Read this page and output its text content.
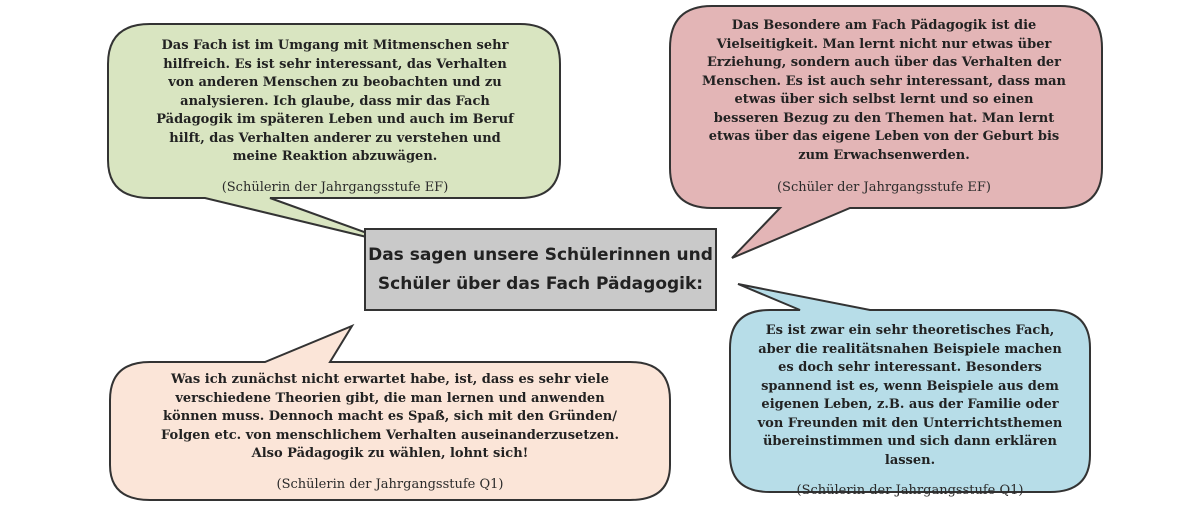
Das Fach ist im Umgang mit Mitmenschen sehr hilfreich. Es ist sehr interessant, das Verhalten von anderen Menschen zu beobachten und zu analysieren. Ich glaube, dass mir das Fach Pädagogik im späteren Leben und auch im Beruf hilft, das Verhalten anderer zu verstehen und meine Reaktion abzuwägen.

(Schülerin der Jahrgangsstufe EF)

Das Besondere am Fach Pädagogik ist die Vielseitigkeit. Man lernt nicht nur etwas über Erziehung, sondern auch über das Verhalten der Menschen. Es ist auch sehr interessant, dass man etwas über sich selbst lernt und so einen besseren Bezug zu den Themen hat. Man lernt etwas über das eigene Leben von der Geburt bis zum Erwachsenwerden.

(Schüler der Jahrgangsstufe EF)

Was ich zunächst nicht erwartet habe, ist, dass es sehr viele verschiedene Theorien gibt, die man lernen und anwenden können muss. Dennoch macht es Spaß, sich mit den Gründen/ Folgen etc. von menschlichem Verhalten auseinanderzusetzen. Also Pädagogik zu wählen, lohnt sich!

(Schülerin der Jahrgangsstufe Q1)

Es ist zwar ein sehr theoretisches Fach, aber die realitätsnahen Beispiele machen es doch sehr interessant. Besonders spannend ist es, wenn Beispiele aus dem eigenen Leben, z.B. aus der Familie oder von Freunden mit den Unterrichtsthemen übereinstimmen und sich dann erklären lassen.

(Schülerin der Jahrgangsstufe Q1)

Das sagen unsere Schülerinnen und Schüler über das Fach Pädagogik:
